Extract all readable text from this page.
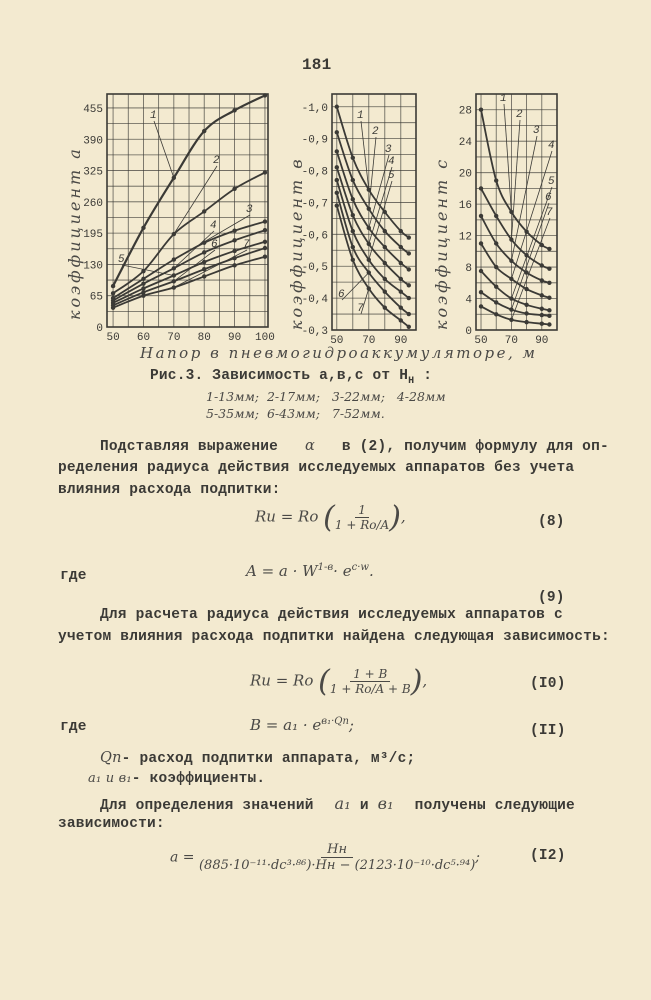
181
0
65
130
195
260
325
390
455
50 60 70 80 90 100
1
2
3
4
5
6 7
-0,3
-0,4
-0,5
-0,6
-0,7
-0,8
-0,9
-1,0
50 70 90
1
2
3
4
5
6
7
0
4
8
12
16
20
24
28
50 70 90
1
2
3
4
5
6
7
коэффициент а	коэффициент в	коэффициент с
Напор в пневмогидроаккумуляторе, м
Рис.3. Зависимость а,в,с от $Н_Н$ :
1-13мм;  2-17мм;   3-22мм;   4-28мм
5-35мм;  6-43мм;   7-52мм.
Подставляя выражение α в (2), получим формулу для оп-
ределения радиуса действия исследуемых аппаратов без учета
влияния расхода подпитки:
Rи = Rо ( $\frac{1}{1 + Rо/A}$ ),	(8)
где	$A = a \cdot W^{1-в}\cdot e^{c\cdot w}$.
(9)
Для расчета радиуса действия исследуемых аппаратов с
учетом влияния расхода подпитки найдена следующая зависимость:
Rи = Rо ( $\frac{1 + B}{1 + Rо/A + B}$ ),	(I0)
где	$B = a_1 \cdot e^{в_1\cdot Qп}$;	(II)
Qп- расход подпитки аппарата, м³/с;
a₁ и в₁- коэффициенты.
Для определения значений a₁ и в₁ получены следующие
зависимости:
$a = \frac{Hн}{\text{(885·10⁻¹¹·dc³·⁸⁶)·Hн − (2123·10⁻¹⁰·dc⁵·⁹⁴)}}$ ;	(I2)
